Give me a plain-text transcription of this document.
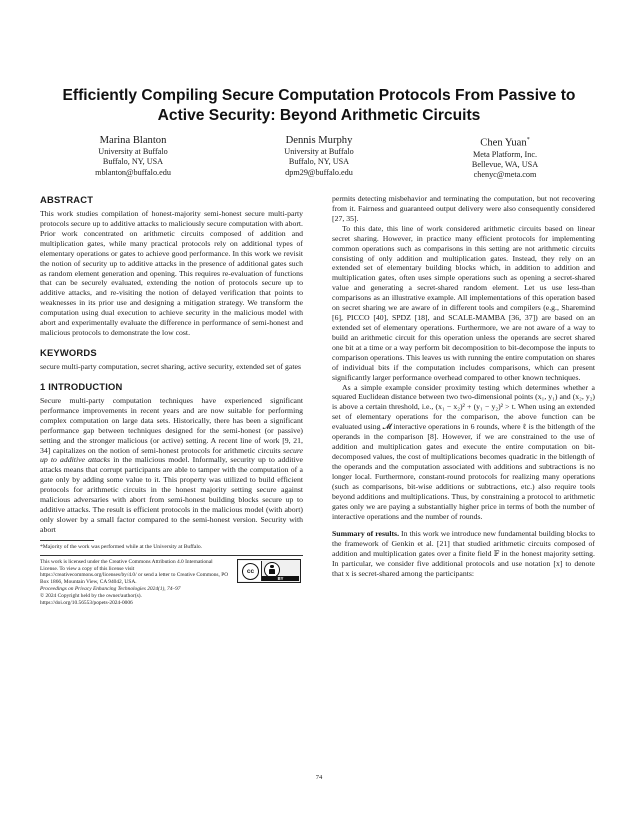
Efficiently Compiling Secure Computation Protocols From Passive to Active Security: Beyond Arithmetic Circuits
Marina Blanton
University at Buffalo
Buffalo, NY, USA
mblanton@buffalo.edu
Dennis Murphy
University at Buffalo
Buffalo, NY, USA
dpm29@buffalo.edu
Chen Yuan*
Meta Platform, Inc.
Bellevue, WA, USA
chenyc@meta.com
ABSTRACT

This work studies compilation of honest-majority semi-honest secure multi-party protocols secure up to additive attacks to maliciously secure computation with abort. Prior work concentrated on arithmetic circuits composed of addition and multiplication gates, while many practical protocols rely on additional types of elementary operations or gates to achieve good performance. In this work we revisit the notion of security up to additive attacks in the presence of additional gates such as random element generation and opening. This requires re-evaluation of functions that can be securely evaluated, extending the notion of protocols secure up to additive attacks, and re-visiting the notion of delayed verification that points to weaknesses in its prior use and designing a mitigation strategy. We transform the computation using dual execution to achieve security in the malicious model with abort and experimentally evaluate the difference in performance of semi-honest and malicious protocols to demonstrate the low cost.

KEYWORDS

secure multi-party computation, secret sharing, active security, extended set of gates

1 INTRODUCTION

Secure multi-party computation techniques have experienced significant performance improvements in recent years and are now suitable for performing complex computation on large data sets. Historically, there has been a significant performance gap between techniques designed for the semi-honest (or passive) setting and the stronger malicious (or active) setting. A recent line of work [9, 21, 34] capitalizes on the notion of semi-honest protocols for arithmetic circuits secure up to additive attacks in the malicious model. Informally, security up to additive attacks means that corrupt participants are able to tamper with the computation of a gate only by adding some value to it. This property was utilized to build efficient protocols for arithmetic circuits in the honest majority setting secure against malicious adversaries with abort from semi-honest building blocks secure up to additive attacks. The result is efficient protocols in the malicious model (with abort) only slower by a small factor compared to the semi-honest version. Security with abort

*Majority of the work was performed while at the University at Buffalo.
This work is licensed under the Creative Commons Attribution 4.0 International License. To view a copy of this license visit https://creativecommons.org/licenses/by/4.0/ or send a letter to Creative Commons, PO Box 1866, Mountain View, CA 94042, USA.
Proceedings on Privacy Enhancing Technologies 2024(1), 74–97
© 2024 Copyright held by the owner/author(s).
https://doi.org/10.56553/popets-2024-0006
cc
BY

permits detecting misbehavior and terminating the computation, but not recovering from it. Fairness and guaranteed output delivery were also consequently considered [27, 35].

To this date, this line of work considered arithmetic circuits based on linear secret sharing. However, in practice many efficient protocols for implementing common operations such as comparisons in this setting are not arithmetic circuits consisting of only addition and multiplication gates. Instead, they rely on an extended set of elementary building blocks which, in addition to addition and multiplication gates, often uses simple operations such as opening a secret-shared value and generating a secret-shared random element. Let us use less-than comparisons as an illustrative example. All implementations of this operation based on secret sharing we are aware of in different tools and compilers (e.g., Sharemind [6], PICCO [40], SPDZ [18], and SCALE-MAMBA [36, 37]) are based on an extended set of elementary operations. Furthermore, we are not aware of a way to build an arithmetic circuit for this operation unless the operands are secret shared one bit at a time or a way perform bit decomposition to bit-decompose the inputs to comparison operations. This leaves us with running the entire computation on shares of individual bits if the computation includes comparisons, which can present significantly larger performance overhead compared to other known techniques.

As a simple example consider proximity testing which determines whether a squared Euclidean distance between two two-dimensional points (x₁, y₁) and (x₂, y₂) is above a certain threshold, i.e., (x₁ − x₂)² + (y₁ − y₂)² > t. When using an extended set of elementary operations for the comparison, the above function can be evaluated using 𝓜 interactive operations in 6 rounds, where ℓ is the bitlength of the operands in the comparison [8]. However, if we are constrained to the use of addition and multiplication gates and execute the entire computation on bit-decomposed values, the cost of multiplications becomes quadratic in the bitlength of the operands and the computation associated with additions and subtractions is no longer local. Furthermore, constant-round protocols for realizing many operations (such as comparisons, bit-wise additions or subtractions, etc.) also require tools beyond additions and multiplications. Thus, by constraining a protocol to arithmetic gates only we are paying a substantially higher price in terms of both the number of interactive operations and the number of rounds.

Summary of results. In this work we introduce new fundamental building blocks to the framework of Genkin et al. [21] that studied arithmetic circuits composed of addition and multiplication gates over a finite field 𝔽 in the honest majority setting. In particular, we consider five additional protocols and use notation [x] to denote that x is secret-shared among the participants:

74
